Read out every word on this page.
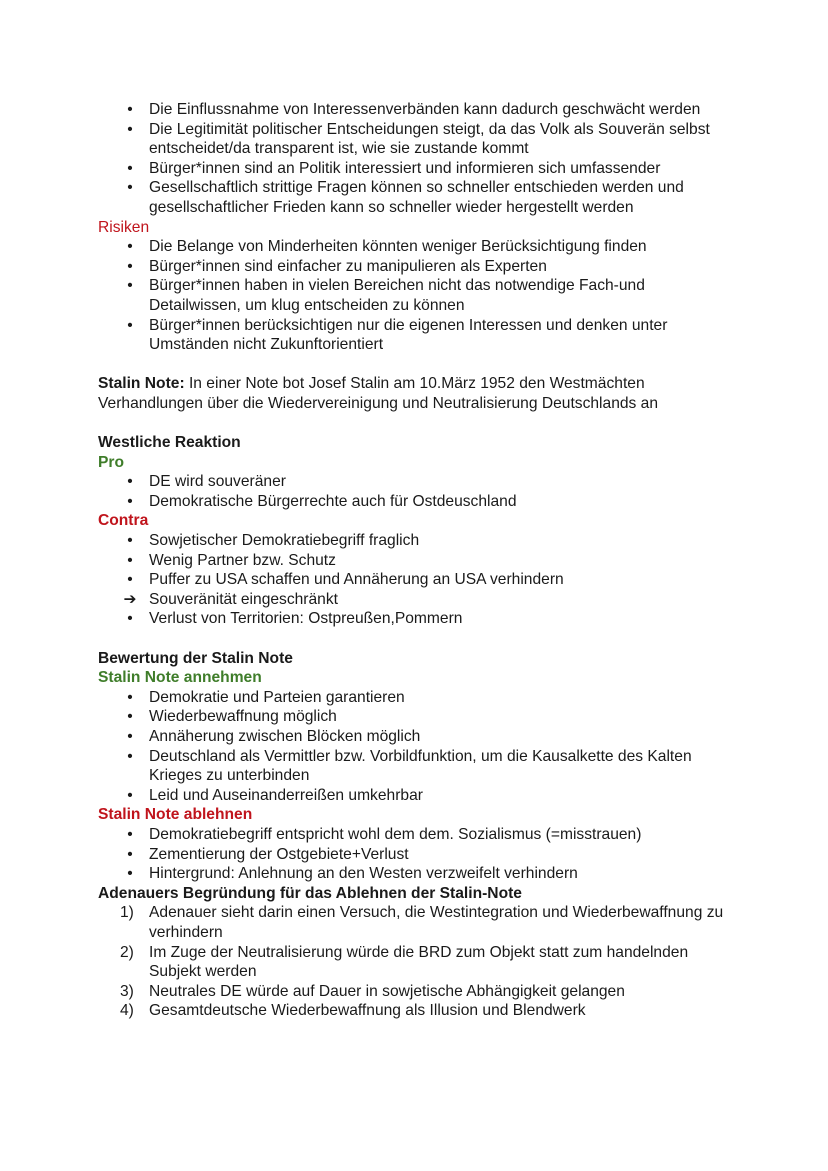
•	Die Einflussnahme von Interessenverbänden kann dadurch geschwächt werden
•	Die Legitimität politischer Entscheidungen steigt, da das Volk als Souverän selbst entscheidet/da transparent ist, wie sie zustande kommt
•	Bürger*innen sind an Politik interessiert und informieren sich umfassender
•	Gesellschaftlich strittige Fragen können so schneller entschieden werden und gesellschaftlicher Frieden kann so schneller wieder hergestellt werden

Risiken

•	Die Belange von Minderheiten könnten weniger Berücksichtigung finden
•	Bürger*innen sind einfacher zu manipulieren als Experten
•	Bürger*innen haben in vielen Bereichen nicht das notwendige Fach-und Detailwissen, um klug entscheiden zu können
•	Bürger*innen berücksichtigen nur die eigenen Interessen und denken unter Umständen nicht Zukunftorientiert

Stalin Note: In einer Note bot Josef Stalin am 10.März 1952 den Westmächten Verhandlungen über die Wiedervereinigung und Neutralisierung Deutschlands an

Westliche Reaktion

Pro

•	DE wird souveräner
•	Demokratische Bürgerrechte auch für Ostdeuschland

Contra

•	Sowjetischer Demokratiebegriff fraglich
•	Wenig Partner bzw. Schutz
•	Puffer zu USA schaffen und Annäherung an USA verhindern
➔ Souveränität eingeschränkt
•	Verlust von Territorien: Ostpreußen,Pommern

Bewertung der Stalin Note

Stalin Note annehmen

•	Demokratie und Parteien garantieren
•	Wiederbewaffnung möglich
•	Annäherung zwischen Blöcken möglich
•	Deutschland als Vermittler bzw. Vorbildfunktion, um die Kausalkette des Kalten Krieges zu unterbinden
•	Leid und Auseinanderreißen umkehrbar

Stalin Note ablehnen

•	Demokratiebegriff entspricht wohl dem dem. Sozialismus (=misstrauen)
•	Zementierung der Ostgebiete+Verlust
•	Hintergrund: Anlehnung an den Westen verzweifelt verhindern

Adenauers Begründung für das Ablehnen der Stalin-Note

1) Adenauer sieht darin einen Versuch, die Westintegration und Wiederbewaffnung zu verhindern
2) Im Zuge der Neutralisierung würde die BRD zum Objekt statt zum handelnden Subjekt werden
3) Neutrales DE würde auf Dauer in sowjetische Abhängigkeit gelangen
4) Gesamtdeutsche Wiederbewaffnung als Illusion und Blendwerk
